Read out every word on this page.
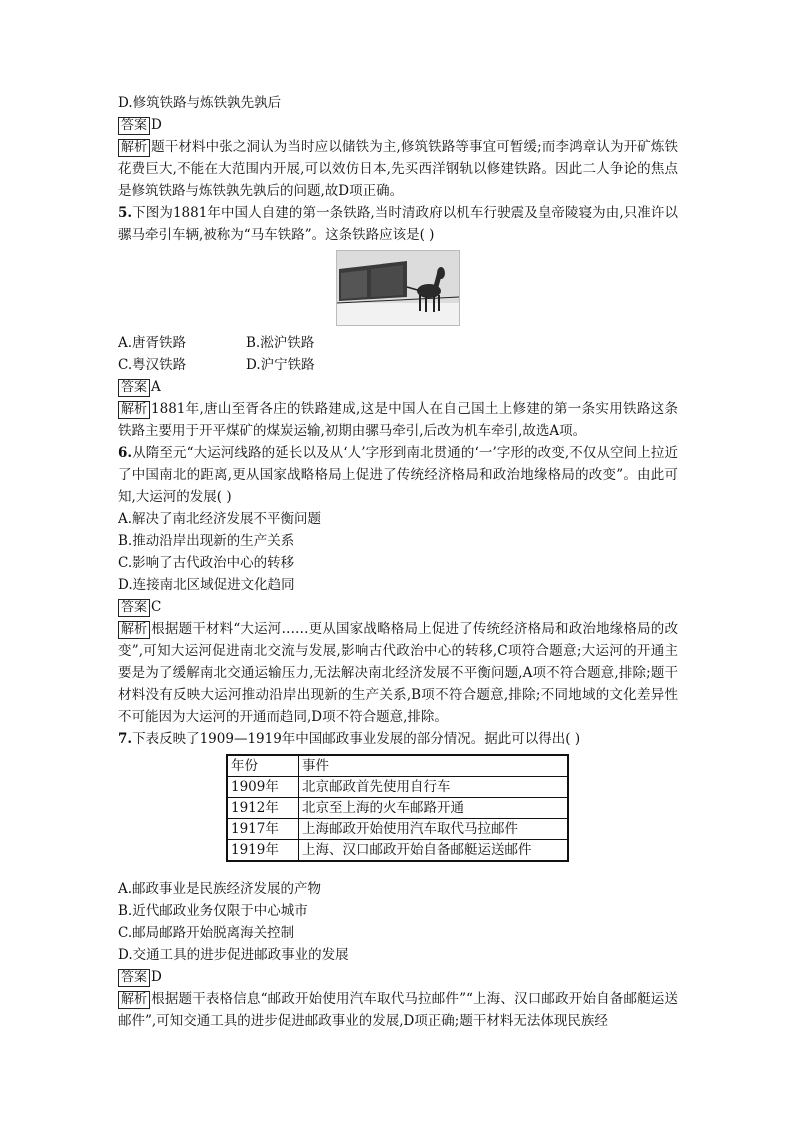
D.修筑铁路与炼铁孰先孰后
答案 D
解析 题干材料中张之洞认为当时应以储铁为主,修筑铁路等事宜可暂缓;而李鸿章认为开矿炼铁花费巨大,不能在大范围内开展,可以效仿日本,先买西洋钢轨以修建铁路。因此二人争论的焦点是修筑铁路与炼铁孰先孰后的问题,故D项正确。
5.下图为1881年中国人自建的第一条铁路,当时清政府以机车行驶震及皇帝陵寝为由,只准许以骡马牵引车辆,被称为“马车铁路”。这条铁路应该是( )
A.唐胥铁路	B.淞沪铁路
C.粤汉铁路	D.沪宁铁路
答案 A
解析 1881年,唐山至胥各庄的铁路建成,这是中国人在自己国土上修建的第一条实用铁路这条铁路主要用于开平煤矿的煤炭运输,初期由骡马牵引,后改为机车牵引,故选A项。
6.从隋至元“大运河线路的延长以及从‘人’字形到南北贯通的‘一’字形的改变,不仅从空间上拉近了中国南北的距离,更从国家战略格局上促进了传统经济格局和政治地缘格局的改变”。由此可知,大运河的发展( )
A.解决了南北经济发展不平衡问题
B.推动沿岸出现新的生产关系
C.影响了古代政治中心的转移
D.连接南北区域促进文化趋同
答案 C
解析 根据题干材料“大运河……更从国家战略格局上促进了传统经济格局和政治地缘格局的改变”,可知大运河促进南北交流与发展,影响古代政治中心的转移,C项符合题意;大运河的开通主要是为了缓解南北交通运输压力,无法解决南北经济发展不平衡问题,A项不符合题意,排除;题干材料没有反映大运河推动沿岸出现新的生产关系,B项不符合题意,排除;不同地域的文化差异性不可能因为大运河的开通而趋同,D项不符合题意,排除。
7.下表反映了1909—1919年中国邮政事业发展的部分情况。据此可以得出( )
年份	事件
1909年	北京邮政首先使用自行车
1912年	北京至上海的火车邮路开通
1917年	上海邮政开始使用汽车取代马拉邮件
1919年	上海、汉口邮政开始自备邮艇运送邮件
A.邮政事业是民族经济发展的产物
B.近代邮政业务仅限于中心城市
C.邮局邮路开始脱离海关控制
D.交通工具的进步促进邮政事业的发展
答案 D
解析 根据题干表格信息“邮政开始使用汽车取代马拉邮件”“上海、汉口邮政开始自备邮艇运送邮件”,可知交通工具的进步促进邮政事业的发展,D项正确;题干材料无法体现民族经
